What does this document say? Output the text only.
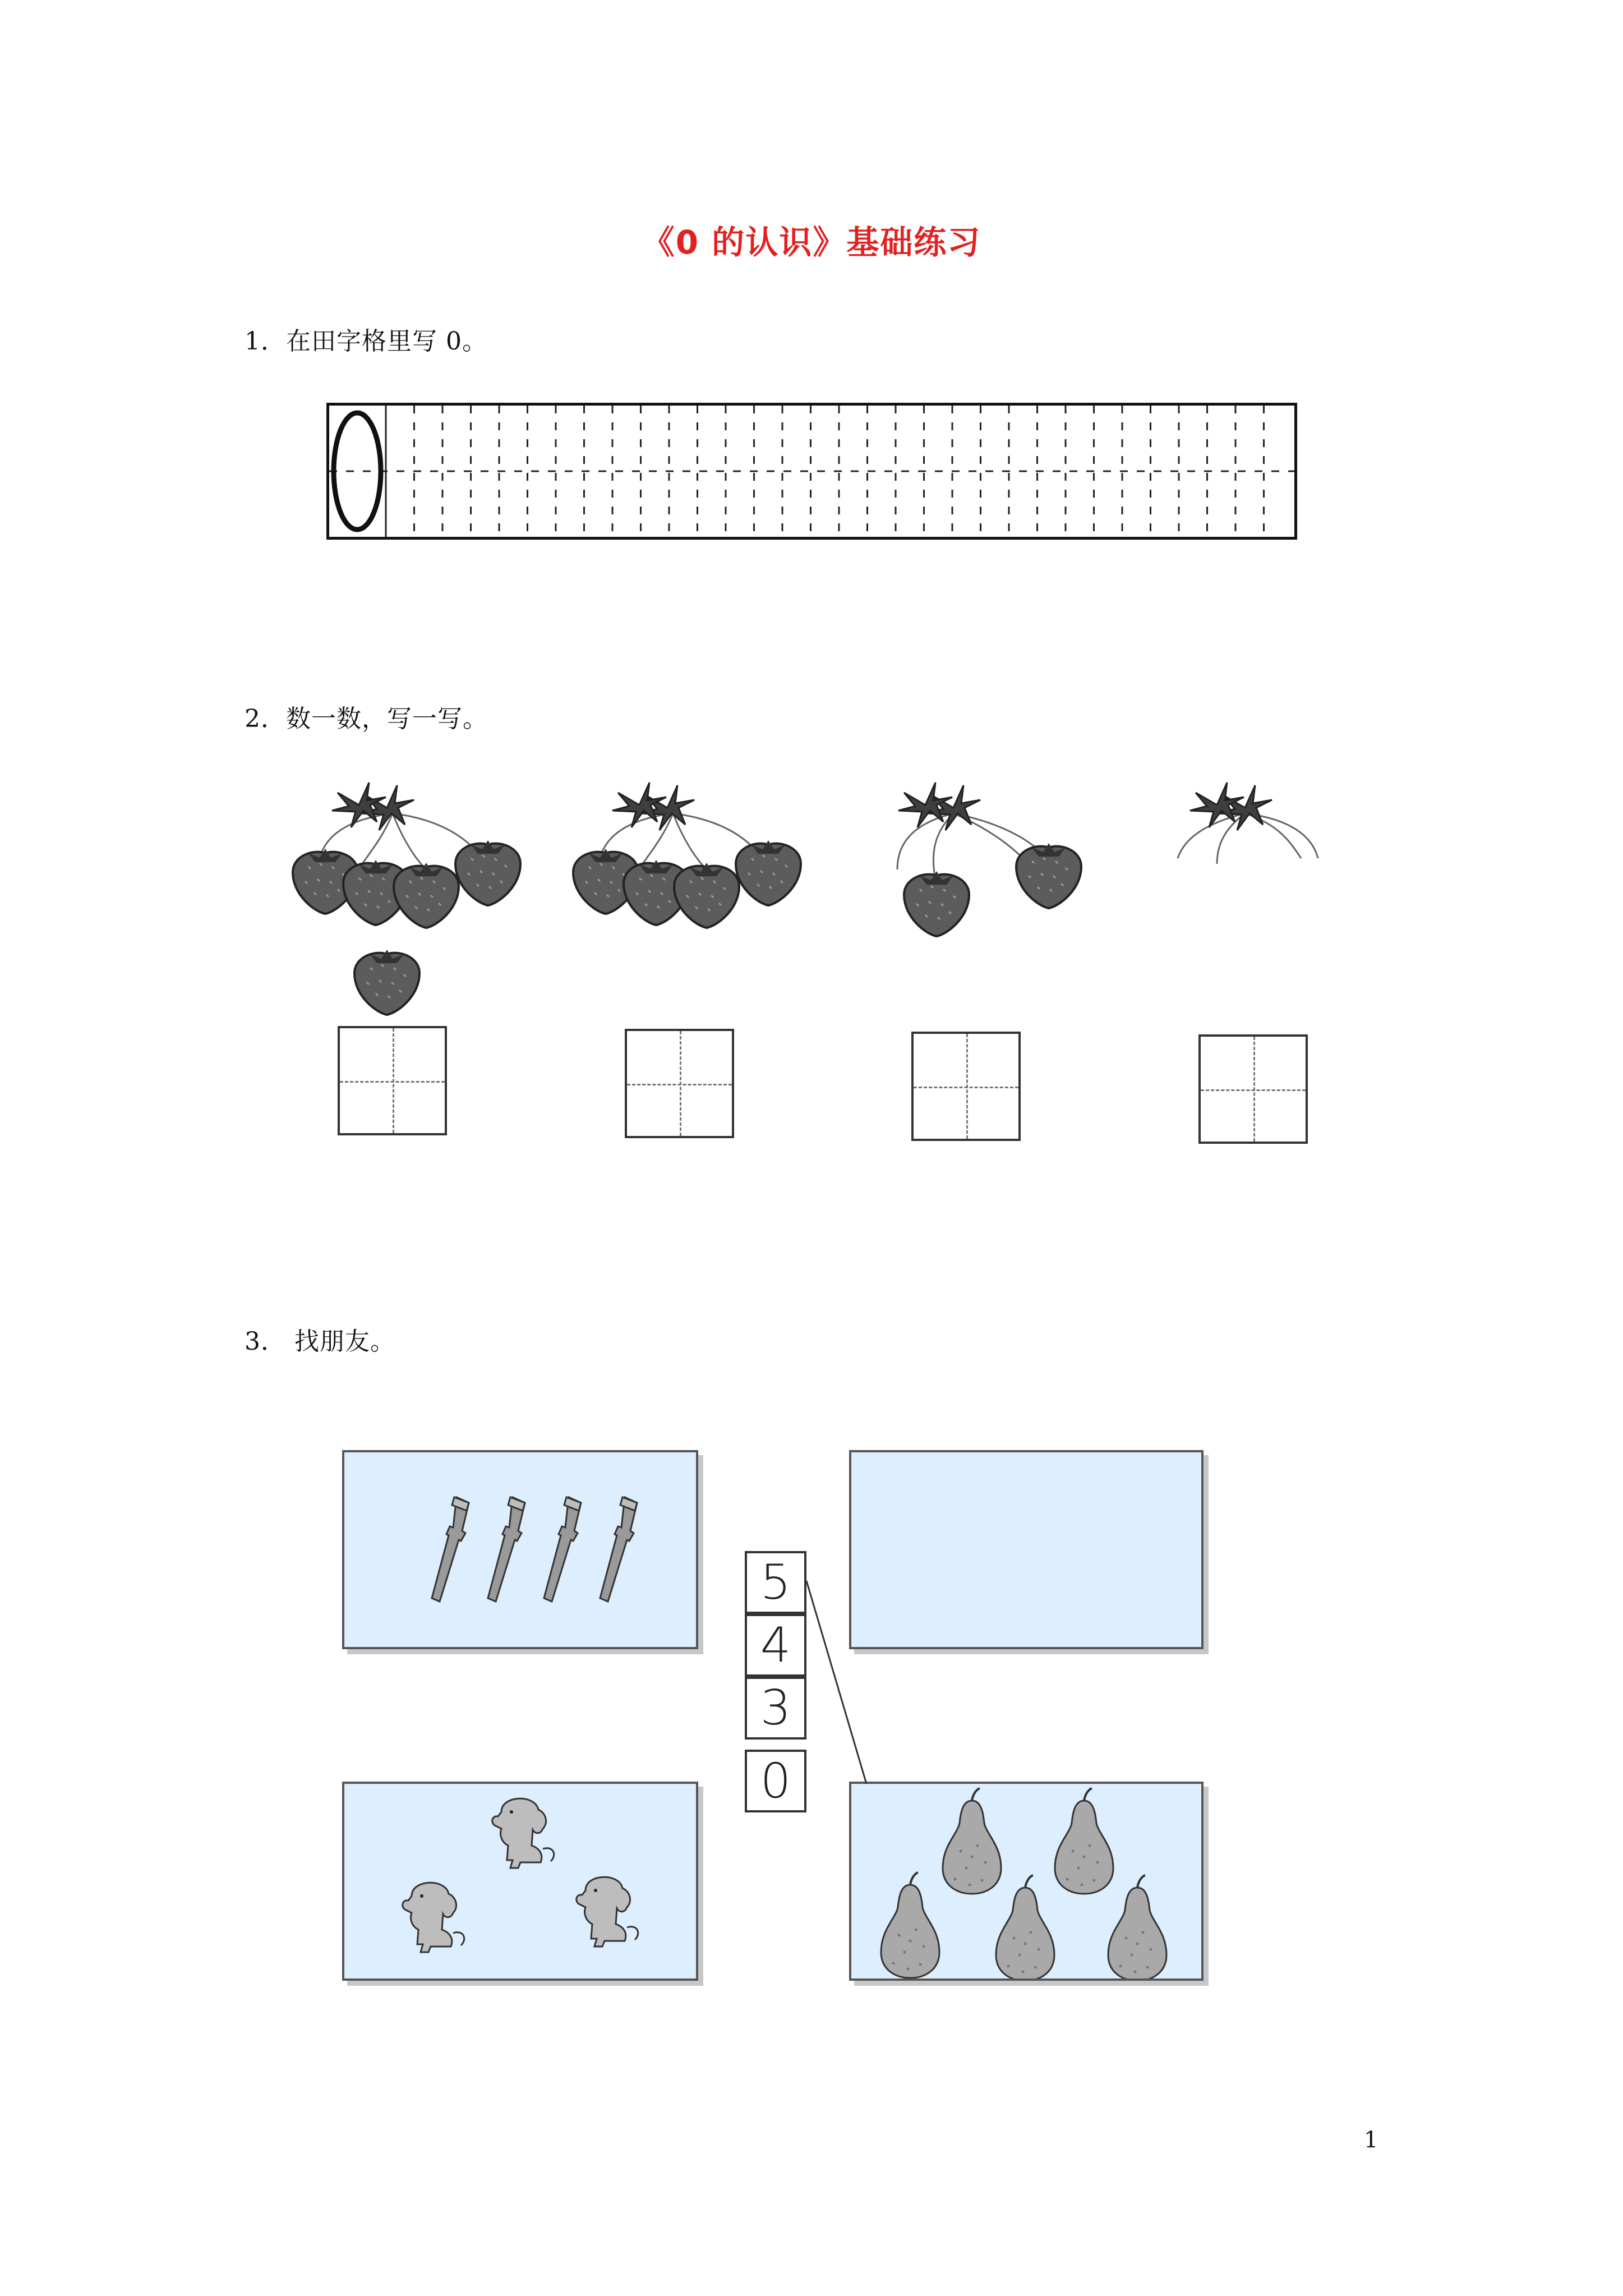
《0 的认识》基础练习
1．在田字格里写 0。
2．数一数，写一写。
3． 找朋友。
5
4
3
0
1
